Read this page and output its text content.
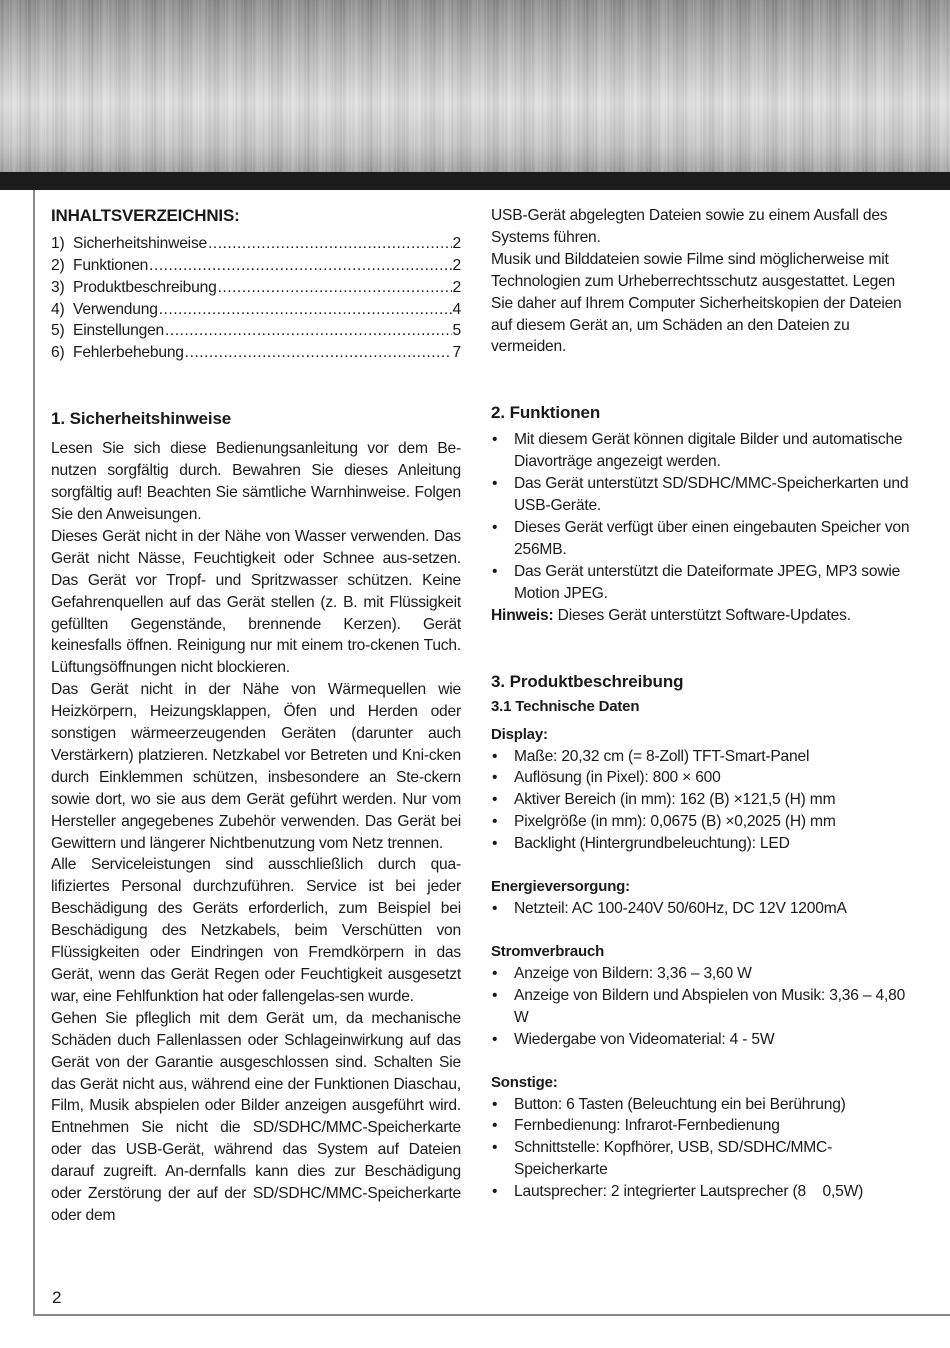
INHALTSVERZEICHNIS:
1) Sicherheitshinweise .....	2
2) Funktionen .....	2
3) Produktbeschreibung .....	2
4) Verwendung .....	4
5) Einstellungen .....	5
6) Fehlerbehebung .....	7
1. Sicherheitshinweise

Lesen Sie sich diese Bedienungsanleitung vor dem Be-nutzen sorgfältig durch. Bewahren Sie dieses Anleitung sorgfältig auf! Beachten Sie sämtliche Warnhinweise. Folgen Sie den Anweisungen.

Dieses Gerät nicht in der Nähe von Wasser verwenden. Das Gerät nicht Nässe, Feuchtigkeit oder Schnee aus-setzen. Das Gerät vor Tropf- und Spritzwasser schützen. Keine Gefahrenquellen auf das Gerät stellen (z. B. mit Flüssigkeit gefüllten Gegenstände, brennende Kerzen). Gerät keinesfalls öffnen. Reinigung nur mit einem tro-ckenen Tuch. Lüftungsöffnungen nicht blockieren.

Das Gerät nicht in der Nähe von Wärmequellen wie Heizkörpern, Heizungsklappen, Öfen und Herden oder sonstigen wärmeerzeugenden Geräten (darunter auch Verstärkern) platzieren. Netzkabel vor Betreten und Kni-cken durch Einklemmen schützen, insbesondere an Ste-ckern sowie dort, wo sie aus dem Gerät geführt werden. Nur vom Hersteller angegebenes Zubehör verwenden. Das Gerät bei Gewittern und längerer Nichtbenutzung vom Netz trennen.

Alle Serviceleistungen sind ausschließlich durch qua-lifiziertes Personal durchzuführen. Service ist bei jeder Beschädigung des Geräts erforderlich, zum Beispiel bei Beschädigung des Netzkabels, beim Verschütten von Flüssigkeiten oder Eindringen von Fremdkörpern in das Gerät, wenn das Gerät Regen oder Feuchtigkeit ausgesetzt war, eine Fehlfunktion hat oder fallengelas-sen wurde.

Gehen Sie pfleglich mit dem Gerät um, da mechanische Schäden duch Fallenlassen oder Schlageinwirkung auf das Gerät von der Garantie ausgeschlossen sind. Schalten Sie das Gerät nicht aus, während eine der Funktionen Diaschau, Film, Musik abspielen oder Bilder anzeigen ausgeführt wird. Entnehmen Sie nicht die SD/SDHC/MMC-Speicherkarte oder das USB-Gerät, während das System auf Dateien darauf zugreift. An-dernfalls kann dies zur Beschädigung oder Zerstörung der auf der SD/SDHC/MMC-Speicherkarte oder dem

USB-Gerät abgelegten Dateien sowie zu einem Ausfall des Systems führen.

Musik und Bilddateien sowie Filme sind möglicherweise mit Technologien zum Urheberrechtsschutz ausgestattet. Legen Sie daher auf Ihrem Computer Sicherheitskopien der Dateien auf diesem Gerät an, um Schäden an den Dateien zu vermeiden.

2. Funktionen
• Mit diesem Gerät können digitale Bilder und automatische Diavorträge angezeigt werden.
• Das Gerät unterstützt SD/SDHC/MMC-Speicherkarten und USB-Geräte.
• Dieses Gerät verfügt über einen eingebauten Speicher von 256MB.
• Das Gerät unterstützt die Dateiformate JPEG, MP3 sowie Motion JPEG.

Hinweis: Dieses Gerät unterstützt Software-Updates.

3. Produktbeschreibung
3.1 Technische Daten
Display:
• Maße: 20,32 cm (= 8-Zoll) TFT-Smart-Panel
• Auflösung (in Pixel): 800 × 600
• Aktiver Bereich (in mm): 162 (B) ×121,5 (H) mm
• Pixelgröße (in mm): 0,0675 (B) ×0,2025 (H) mm
• Backlight (Hintergrundbeleuchtung): LED
Energieversorgung:
• Netzteil: AC 100-240V 50/60Hz, DC 12V 1200mA
Stromverbrauch
• Anzeige von Bildern: 3,36 – 3,60 W
• Anzeige von Bildern und Abspielen von Musik: 3,36 – 4,80 W
• Wiedergabe von Videomaterial: 4 - 5W
Sonstige:
• Button: 6 Tasten (Beleuchtung ein bei Berührung)
• Fernbedienung: Infrarot-Fernbedienung
• Schnittstelle: Kopfhörer, USB, SD/SDHC/MMC-Speicherkarte
• Lautsprecher: 2 integrierter Lautsprecher (8    0,5W)
2
